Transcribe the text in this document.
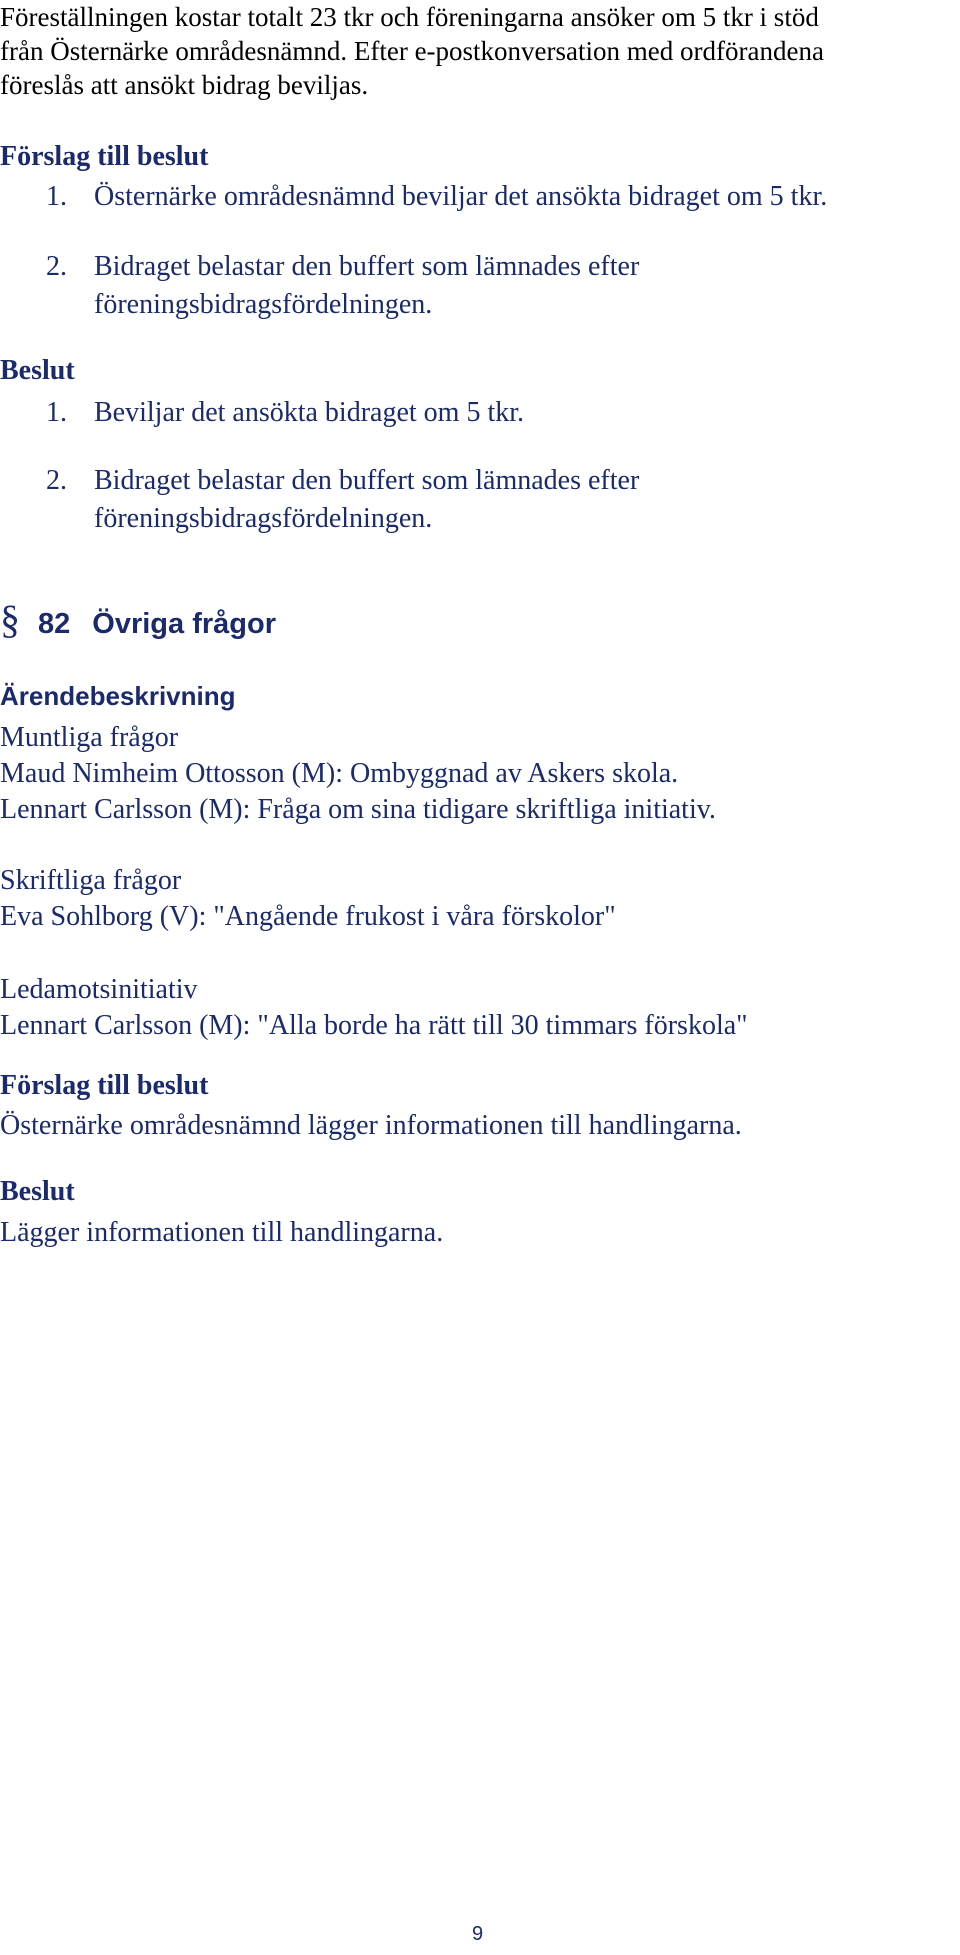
Föreställningen kostar totalt 23 tkr och föreningarna ansöker om 5 tkr i stöd
från Östernärke områdesnämnd. Efter e-postkonversation med ordförandena
föreslås att ansökt bidrag beviljas.
Förslag till beslut
1. Östernärke områdesnämnd beviljar det ansökta bidraget om 5 tkr.
2. Bidraget belastar den buffert som lämnades efter
föreningsbidragsfördelningen.
Beslut
1. Beviljar det ansökta bidraget om 5 tkr.
2. Bidraget belastar den buffert som lämnades efter
föreningsbidragsfördelningen.
§ 82 Övriga frågor
Ärendebeskrivning
Muntliga frågor
Maud Nimheim Ottosson (M): Ombyggnad av Askers skola.
Lennart Carlsson (M): Fråga om sina tidigare skriftliga initiativ.
Skriftliga frågor
Eva Sohlborg (V): "Angående frukost i våra förskolor"
Ledamotsinitiativ
Lennart Carlsson (M): "Alla borde ha rätt till 30 timmars förskola"
Förslag till beslut
Östernärke områdesnämnd lägger informationen till handlingarna.
Beslut
Lägger informationen till handlingarna.
9
